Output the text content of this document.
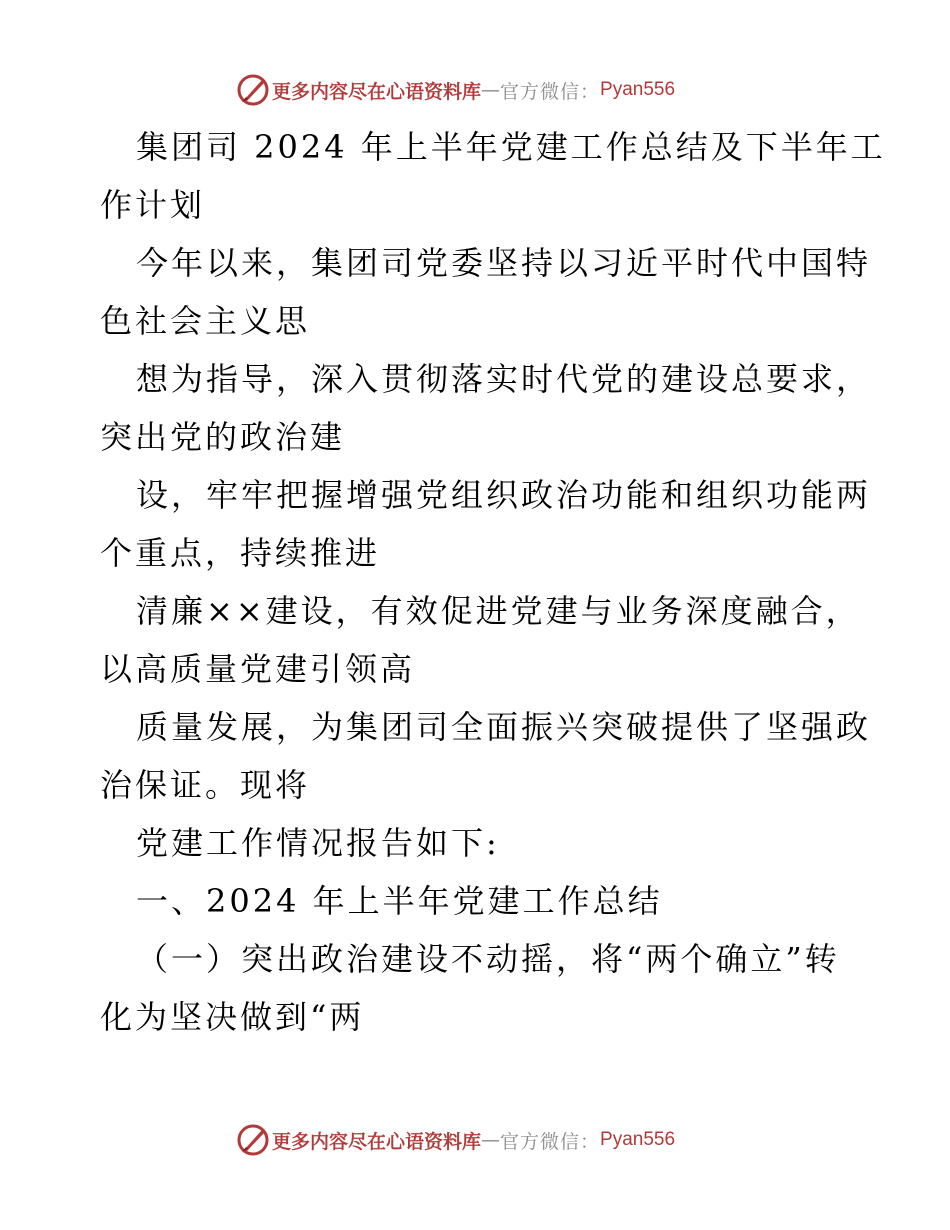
更多内容尽在心语资料库 — 官方微信： Pyan556

集团司 2024 年上半年党建工作总结及下半年工
作计划

今年以来，集团司党委坚持以习近平时代中国特
色社会主义思

想为指导，深入贯彻落实时代党的建设总要求，
突出党的政治建

设，牢牢把握增强党组织政治功能和组织功能两
个重点，持续推进

清廉××建设，有效促进党建与业务深度融合，
以高质量党建引领高

质量发展，为集团司全面振兴突破提供了坚强政
治保证。现将

党建工作情况报告如下:

一、2024 年上半年党建工作总结

（一）突出政治建设不动摇，将“两个确立”转
化为坚决做到“两

更多内容尽在心语资料库 — 官方微信： Pyan556
